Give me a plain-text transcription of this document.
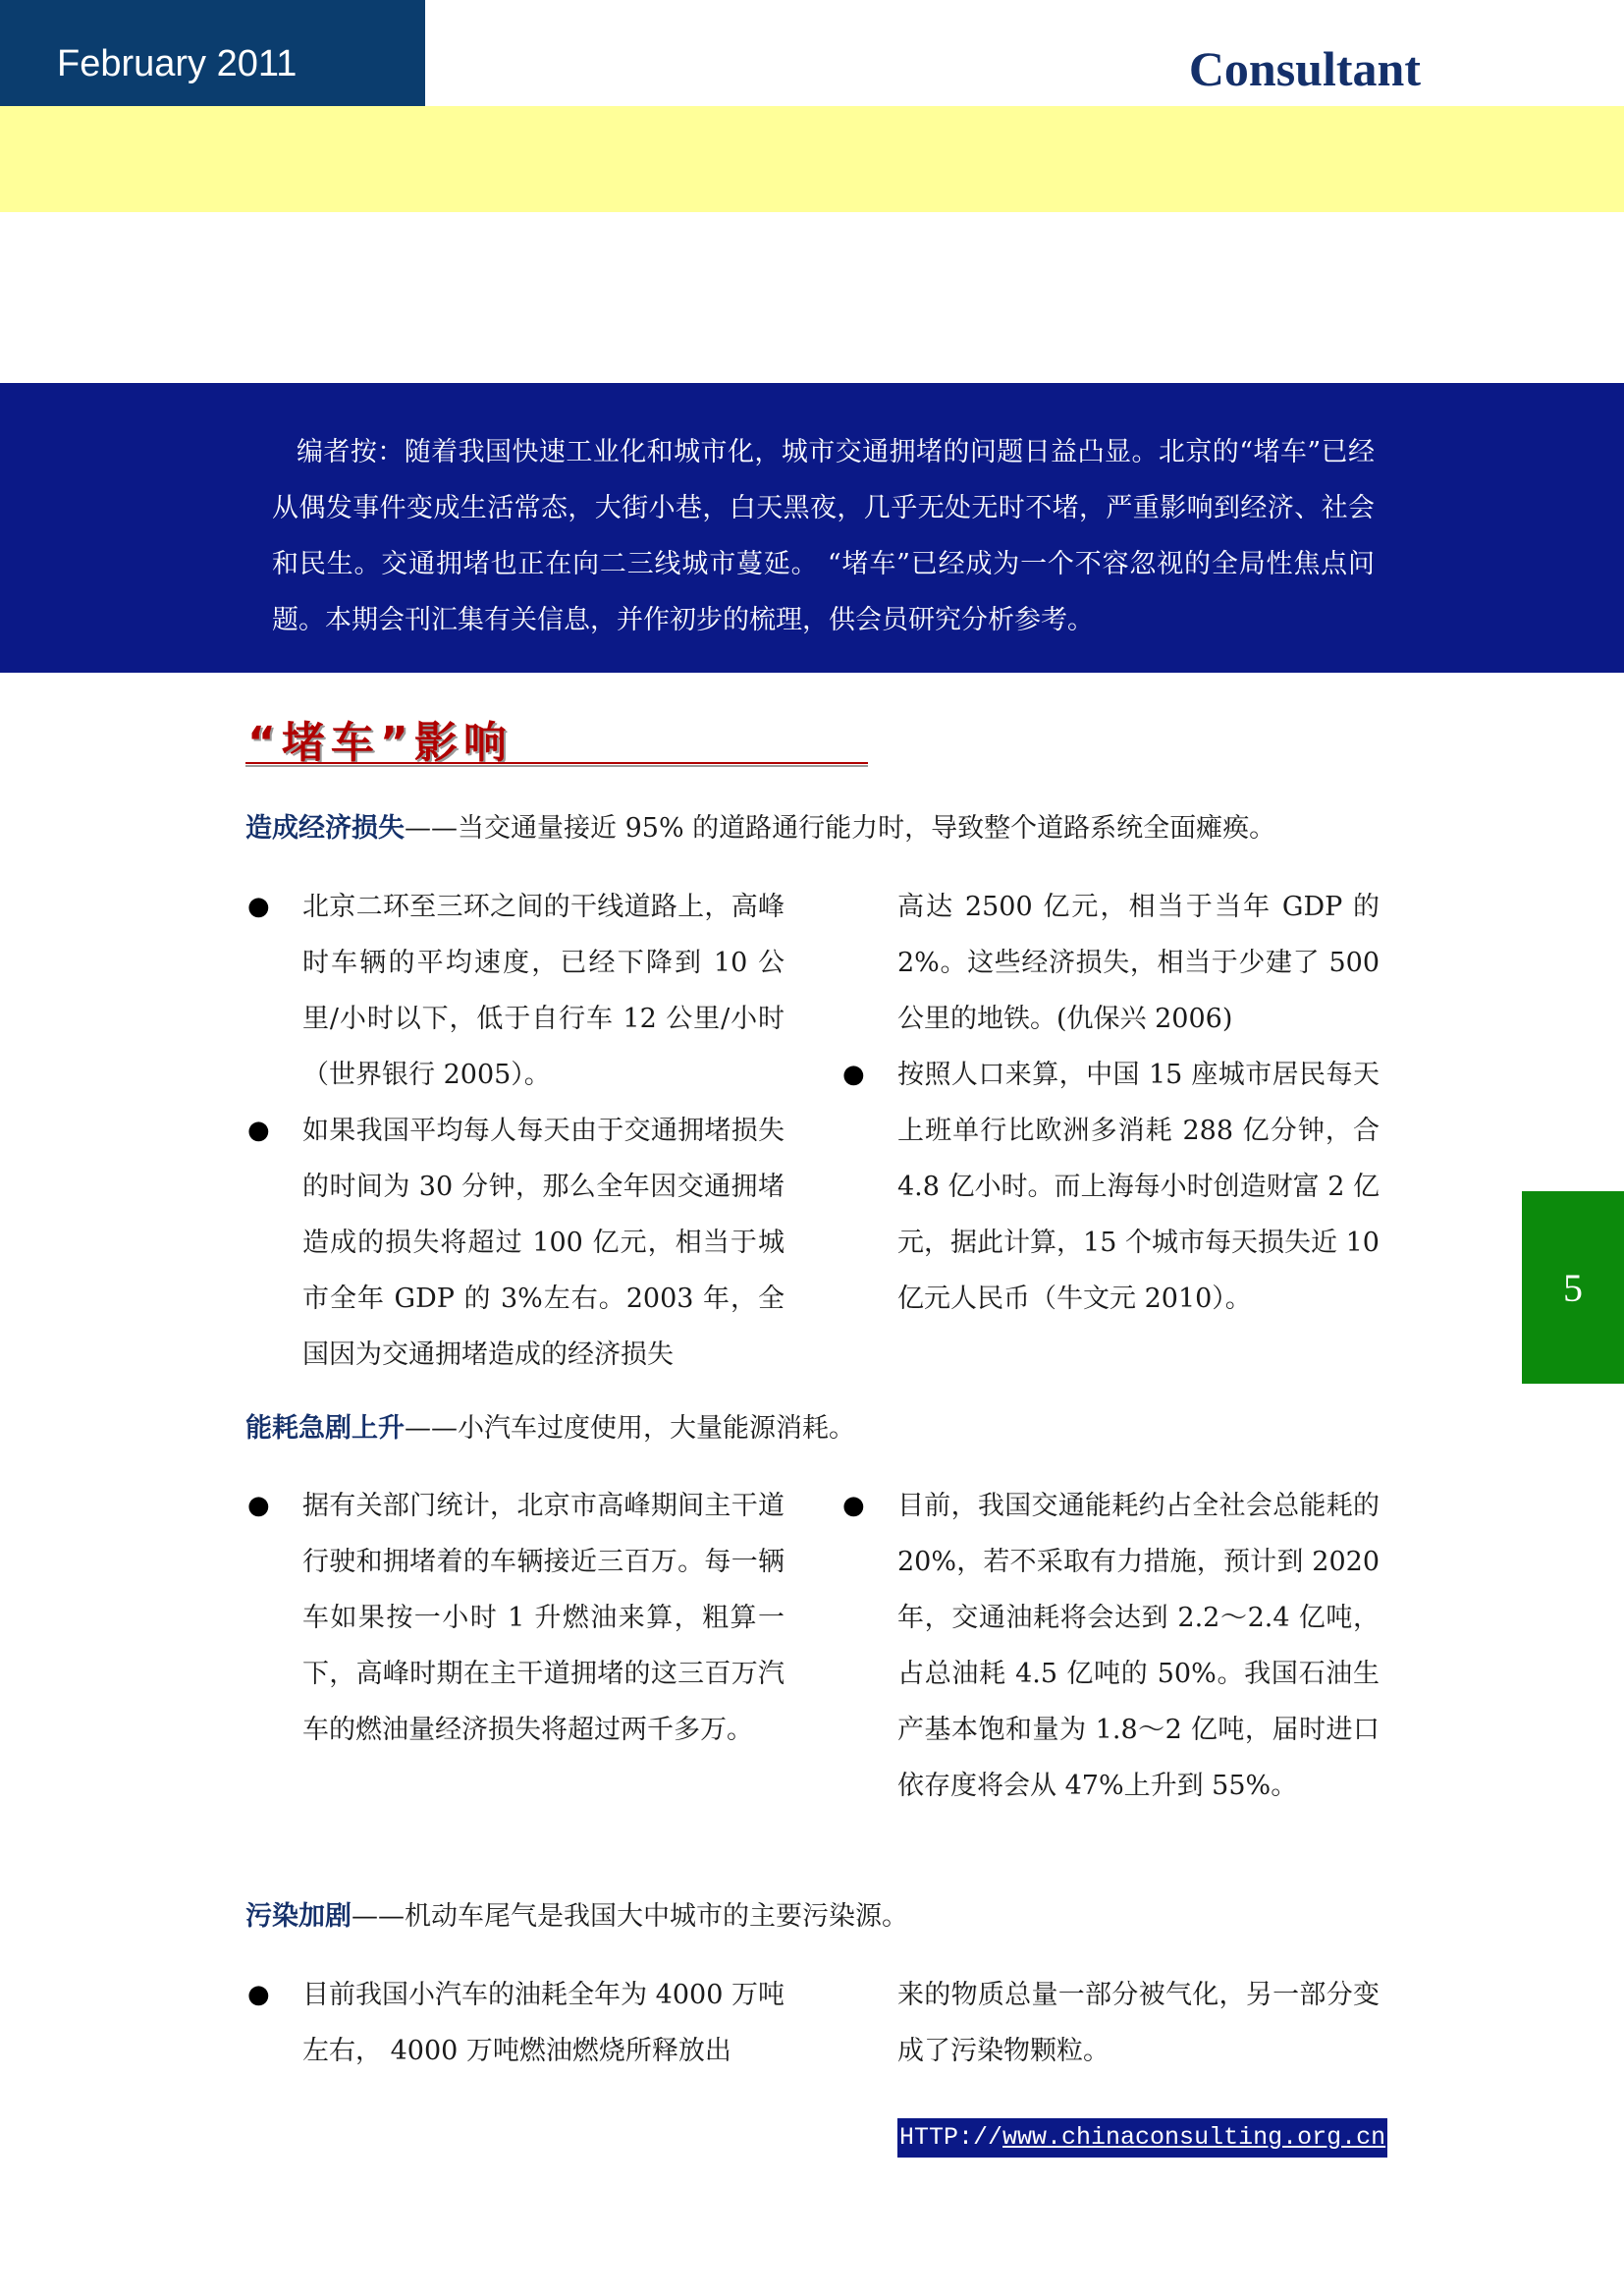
February 2011	Consultant

编者按：随着我国快速工业化和城市化，城市交通拥堵的问题日益凸显。北京的“堵车”已经从偶发事件变成生活常态，大街小巷，白天黑夜，几乎无处无时不堵，严重影响到经济、社会和民生。交通拥堵也正在向二三线城市蔓延。 “堵车”已经成为一个不容忽视的全局性焦点问题。本期会刊汇集有关信息，并作初步的梳理，供会员研究分析参考。

“堵车”影响
造成经济损失——当交通量接近 95% 的道路通行能力时，导致整个道路系统全面瘫痪。
● 北京二环至三环之间的干线道路上，高峰时车辆的平均速度，已经下降到 10 公里/小时以下，低于自行车 12 公里/小时（世界银行 2005）。
● 如果我国平均每人每天由于交通拥堵损失的时间为 30 分钟，那么全年因交通拥堵造成的损失将超过 100 亿元，相当于城市全年 GDP 的 3%左右。2003 年，全国因为交通拥堵造成的经济损失
高达 2500 亿元，相当于当年 GDP 的 2%。这些经济损失，相当于少建了 500 公里的地铁。(仇保兴 2006)
● 按照人口来算，中国 15 座城市居民每天上班单行比欧洲多消耗 288 亿分钟，合 4.8 亿小时。而上海每小时创造财富 2 亿元，据此计算，15 个城市每天损失近 10 亿元人民币（牛文元 2010）。
能耗急剧上升——小汽车过度使用，大量能源消耗。
● 据有关部门统计，北京市高峰期间主干道行驶和拥堵着的车辆接近三百万。每一辆车如果按一小时 1 升燃油来算，粗算一下，高峰时期在主干道拥堵的这三百万汽车的燃油量经济损失将超过两千多万。
● 目前，我国交通能耗约占全社会总能耗的 20%，若不采取有力措施，预计到 2020 年，交通油耗将会达到 2.2～2.4 亿吨，占总油耗 4.5 亿吨的 50%。我国石油生产基本饱和量为 1.8～2 亿吨，届时进口依存度将会从 47%上升到 55%。
污染加剧——机动车尾气是我国大中城市的主要污染源。
● 目前我国小汽车的油耗全年为 4000 万吨左右， 4000 万吨燃油燃烧所释放出
来的物质总量一部分被气化，另一部分变成了污染物颗粒。
5
HTTP://www.chinaconsulting.org.cn
